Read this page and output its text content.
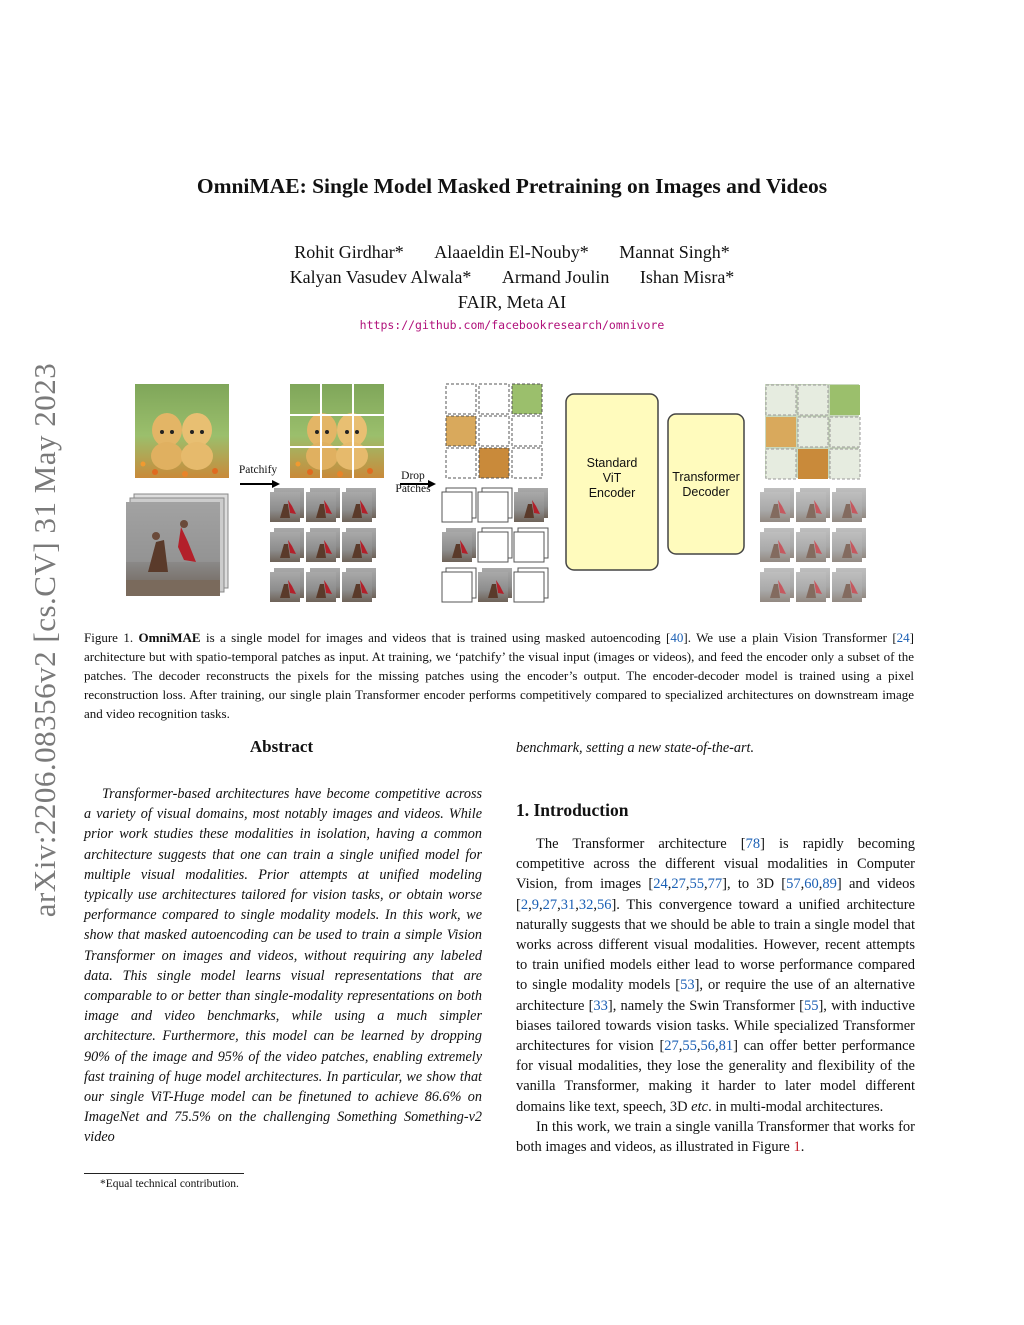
arXiv:2206.08356v2 [cs.CV] 31 May 2023
OmniMAE: Single Model Masked Pretraining on Images and Videos
Rohit Girdhar* Alaaeldin El-Nouby* Mannat Singh*
Kalyan Vasudev Alwala* Armand Joulin Ishan Misra*
FAIR, Meta AI
https://github.com/facebookresearch/omnivore
Patchify	Drop
Patches
Standard
ViT
Encoder
Transformer
Decoder
Figure 1. OmniMAE is a single model for images and videos that is trained using masked autoencoding [40]. We use a plain Vision Transformer [24] architecture but with spatio-temporal patches as input. At training, we ‘patchify’ the visual input (images or videos), and feed the encoder only a subset of the patches. The decoder reconstructs the pixels for the missing patches using the encoder’s output. The encoder-decoder model is trained using a pixel reconstruction loss. After training, our single plain Transformer encoder performs competitively compared to specialized architectures on downstream image and video recognition tasks.
Abstract
Transformer-based architectures have become competitive across a variety of visual domains, most notably images and videos. While prior work studies these modalities in isolation, having a common architecture suggests that one can train a single unified model for multiple visual modalities. Prior attempts at unified modeling typically use architectures tailored for vision tasks, or obtain worse performance compared to single modality models. In this work, we show that masked autoencoding can be used to train a simple Vision Transformer on images and videos, without requiring any labeled data. This single model learns visual representations that are comparable to or better than single-modality representations on both image and video benchmarks, while using a much simpler architecture. Furthermore, this model can be learned by dropping 90% of the image and 95% of the video patches, enabling extremely fast training of huge model architectures. In particular, we show that our single ViT-Huge model can be finetuned to achieve 86.6% on ImageNet and 75.5% on the challenging Something Something-v2 video
benchmark, setting a new state-of-the-art.
1. Introduction

The Transformer architecture [78] is rapidly becoming competitive across the different visual modalities in Computer Vision, from images [24,27,55,77], to 3D [57,60,89] and videos [2,9,27,31,32,56]. This convergence toward a unified architecture naturally suggests that we should be able to train a single model that works across different visual modalities. However, recent attempts to train unified models either lead to worse performance compared to single modality models [53], or require the use of an alternative architecture [33], namely the Swin Transformer [55], with inductive biases tailored towards vision tasks. While specialized Transformer architectures for vision [27,55,56,81] can offer better performance for visual modalities, they lose the generality and flexibility of the vanilla Transformer, making it harder to later model different domains like text, speech, 3D etc. in multi-modal architectures.

In this work, we train a single vanilla Transformer that works for both images and videos, as illustrated in Figure 1.

*Equal technical contribution.
